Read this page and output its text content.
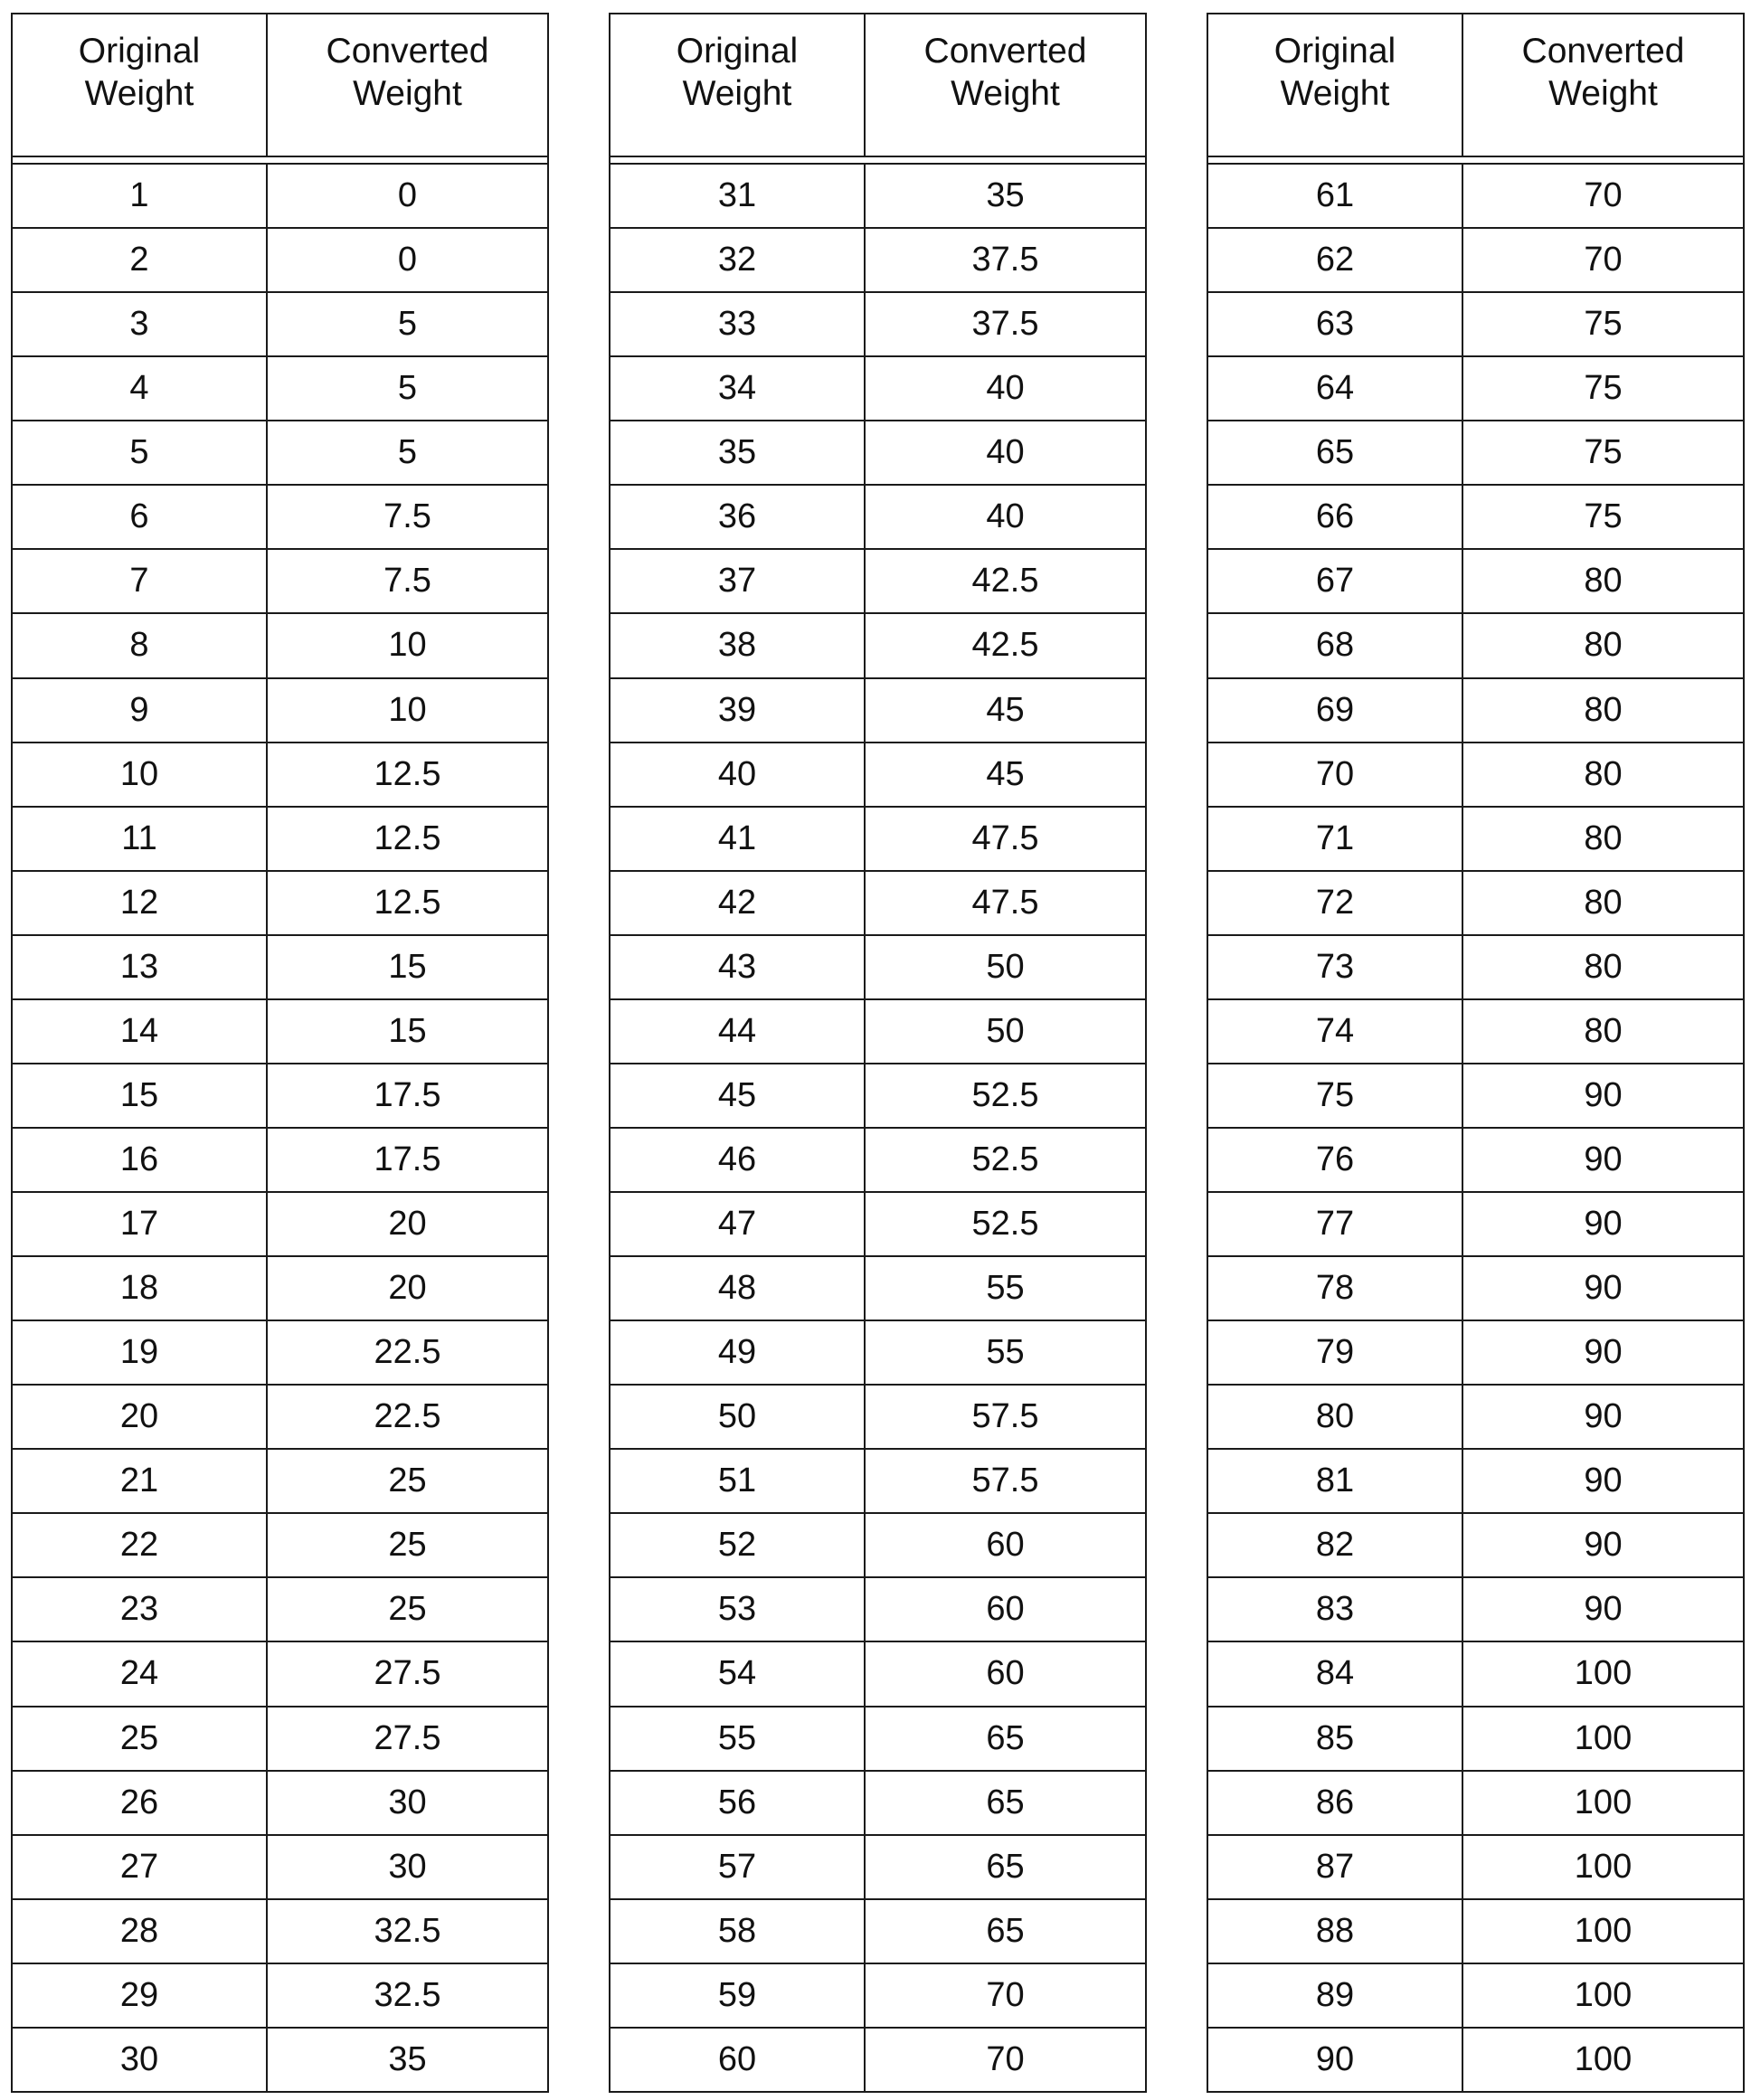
Original
Weight
Converted
Weight
1	0
2	0
3	5
4	5
5	5
6	7.5
7	7.5
8	10
9	10
10	12.5
11	12.5
12	12.5
13	15
14	15
15	17.5
16	17.5
17	20
18	20
19	22.5
20	22.5
21	25
22	25
23	25
24	27.5
25	27.5
26	30
27	30
28	32.5
29	32.5
30	35
Original
Weight
Converted
Weight
31	35
32	37.5
33	37.5
34	40
35	40
36	40
37	42.5
38	42.5
39	45
40	45
41	47.5
42	47.5
43	50
44	50
45	52.5
46	52.5
47	52.5
48	55
49	55
50	57.5
51	57.5
52	60
53	60
54	60
55	65
56	65
57	65
58	65
59	70
60	70
Original
Weight
Converted
Weight
61	70
62	70
63	75
64	75
65	75
66	75
67	80
68	80
69	80
70	80
71	80
72	80
73	80
74	80
75	90
76	90
77	90
78	90
79	90
80	90
81	90
82	90
83	90
84	100
85	100
86	100
87	100
88	100
89	100
90	100
